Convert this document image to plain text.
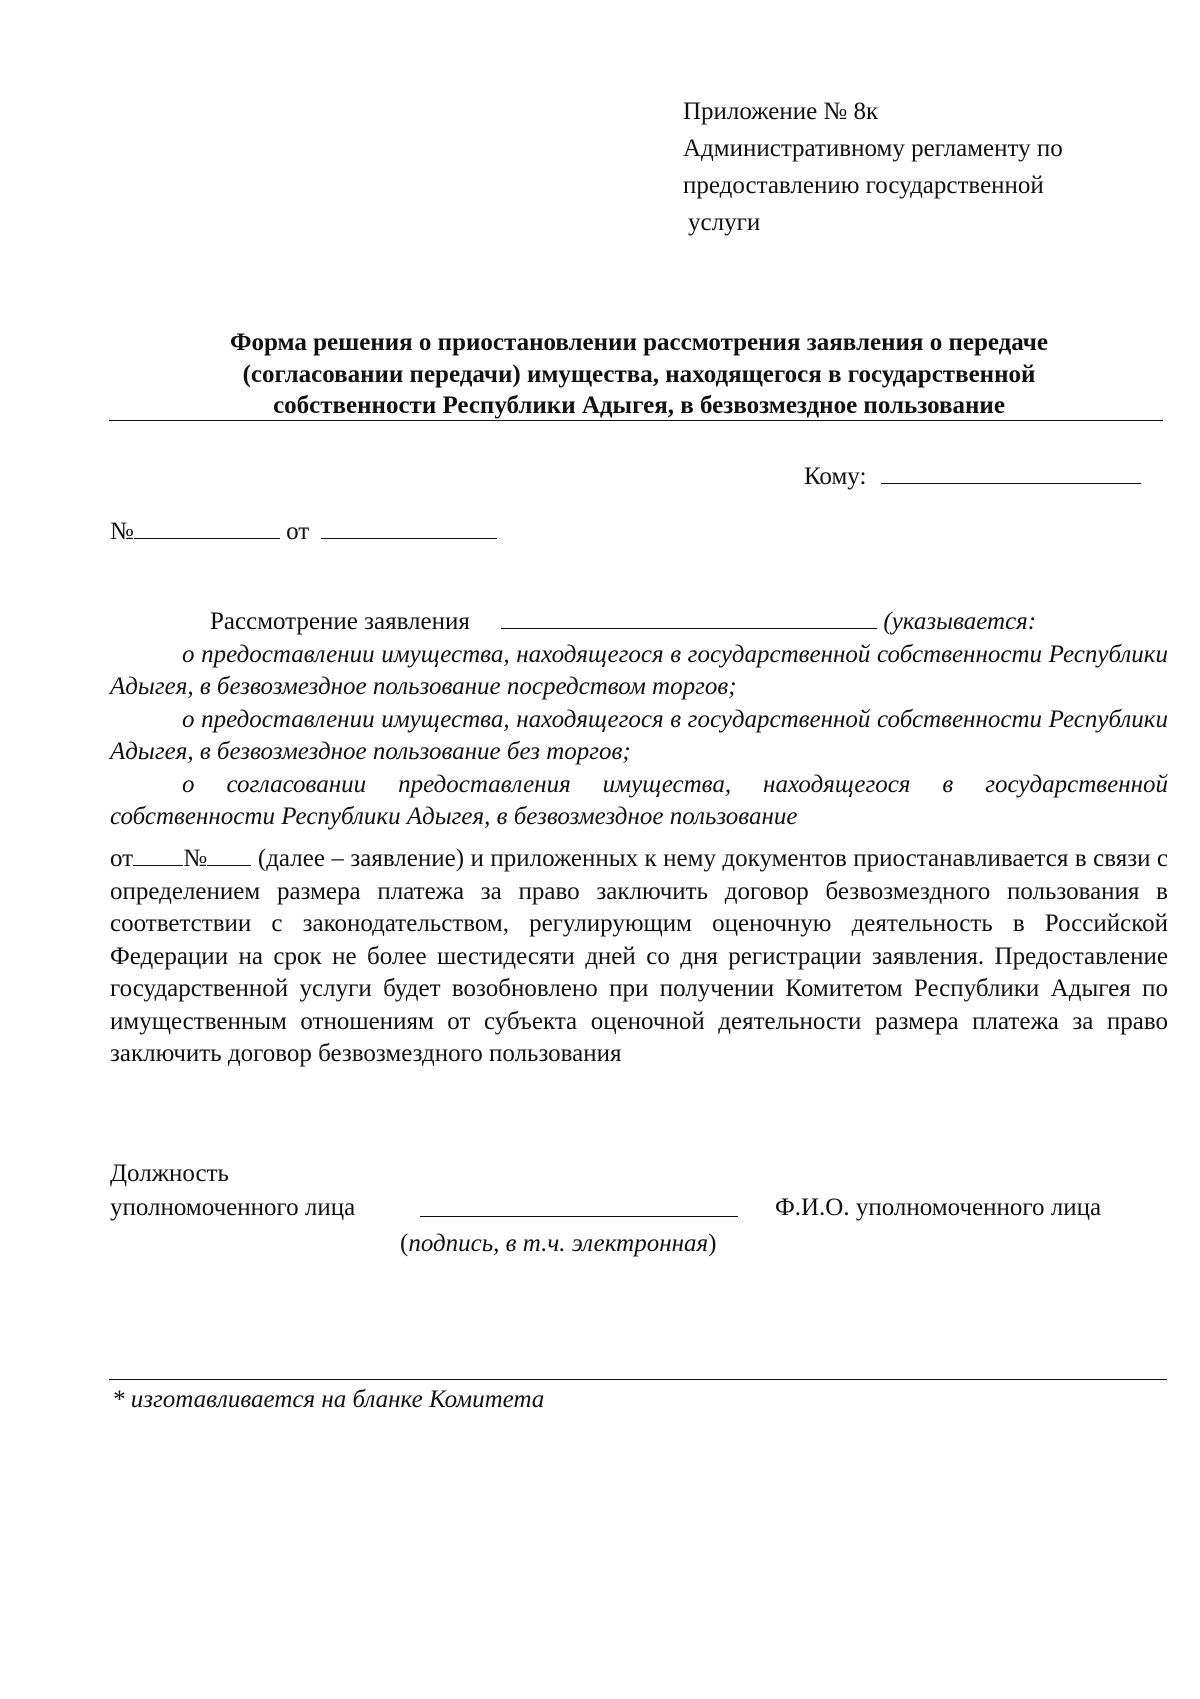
Приложение № 8к
Административному регламенту по
предоставлению государственной
услуги
Форма решения о приостановлении рассмотрения заявления о передаче
(согласовании передачи) имущества, находящегося в государственной
собственности Республики Адыгея, в безвозмездное пользование
Кому:
№	от
Рассмотрение заявления	(указывается:
о предоставлении имущества, находящегося в государственной собственности Республики Адыгея, в безвозмездное пользование посредством торгов;
о предоставлении имущества, находящегося в государственной собственности Республики Адыгея, в безвозмездное пользование без торгов;
о согласовании предоставления имущества, находящегося в государственной собственности Республики Адыгея, в безвозмездное пользование
от № (далее – заявление) и приложенных к нему документов приостанавливается в связи с определением размера платежа за право заключить договор безвозмездного пользования в соответствии с законодательством, регулирующим оценочную деятельность в Российской Федерации на срок не более шестидесяти дней со дня регистрации заявления. Предоставление государственной услуги будет возобновлено при получении Комитетом Республики Адыгея по имущественным отношениям от субъекта оценочной деятельности размера платежа за право заключить договор безвозмездного пользования
Должность
уполномоченного лица	Ф.И.О. уполномоченного лица
(подпись, в т.ч. электронная)
* изготавливается на бланке Комитета
